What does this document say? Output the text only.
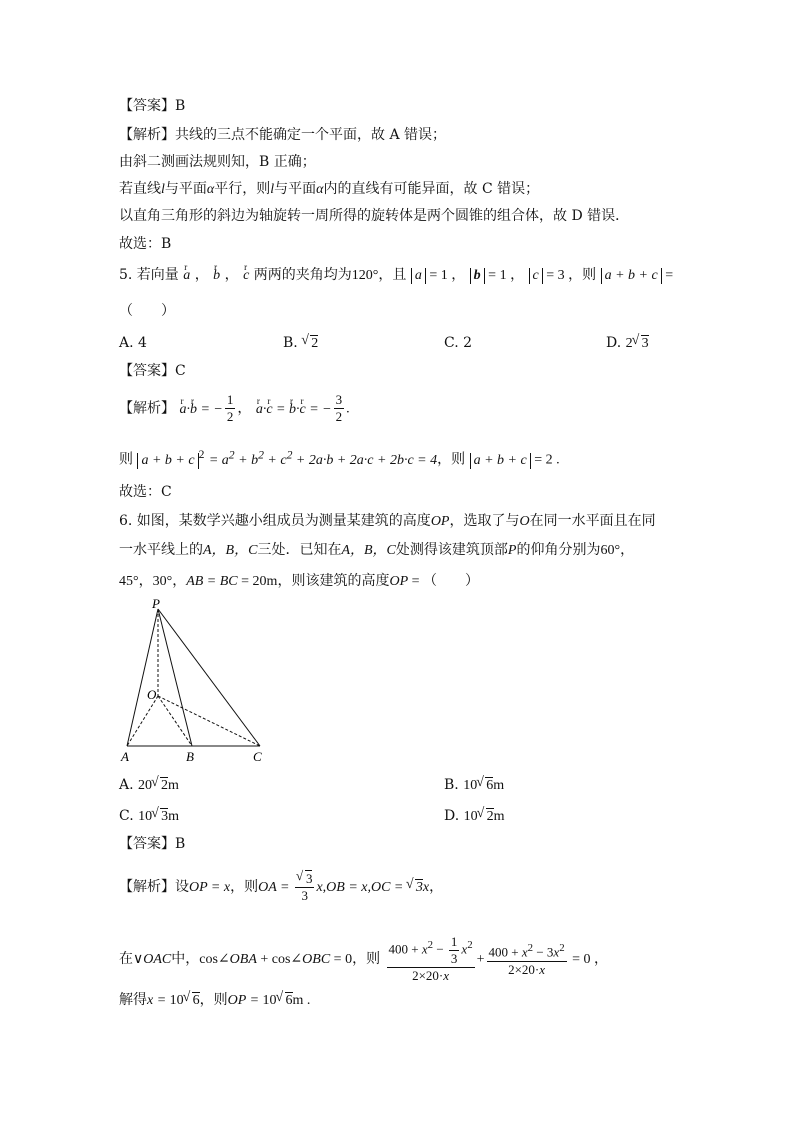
【答案】B
【解析】共线的三点不能确定一个平面，故 A 错误；
由斜二测画法规则知，B 正确；
若直线l与平面α平行，则l与平面α内的直线有可能异面，故 C 错误；
以直角三角形的斜边为轴旋转一周所得的旋转体是两个圆锥的组合体，故 D 错误．
故选：B
5. 若向量 r a ， r b ， r c 两两的夹角均为120°，且 a = 1 ， b = 1 ， c = 3 ，则 a + b + c =
（　　）
A. 4	B. √ 2	C. 2	D. 2 √ 3
【答案】C
【解析】 r a·r b = − $\frac{1}{2}$ ， r a·r c = r b·r c = − $\frac{3}{2}$ .
则 a + b + c $^2 = a^2 + b^2 + c^2 + 2a\cdot b + 2a\cdot c + 2b\cdot c = 4$，则 a + b + c = 2 .
故选：C
6. 如图，某数学兴趣小组成员为测量某建筑的高度OP，选取了与O在同一水平面且在同
一水平线上的A，B，C三处．已知在A，B，C处测得该建筑顶部P的仰角分别为60°，
45°，30°，AB = BC = 20m，则该建筑的高度OP = （　　）
P
O
A	B	C
A. 20 √ 2m	B. 10 √ 6m
C. 10 √ 3m	D. 10 √ 2m
【答案】B
【解析】设OP = x，则OA = √ $\frac{3}{3} x,OB = x,OC$ = √ 3x，
在∨OAC中，cos∠OBA + cos∠OBC = 0，则 $\frac{400 + x^2 - \frac{1}{3} x^2}{2\times 20\cdot x} + \frac{400 + x^2 - 3x^2}{2\times 20\cdot x} = 0$ ，
解得x = 10 √ 6，则OP = 10 √ 6m .
